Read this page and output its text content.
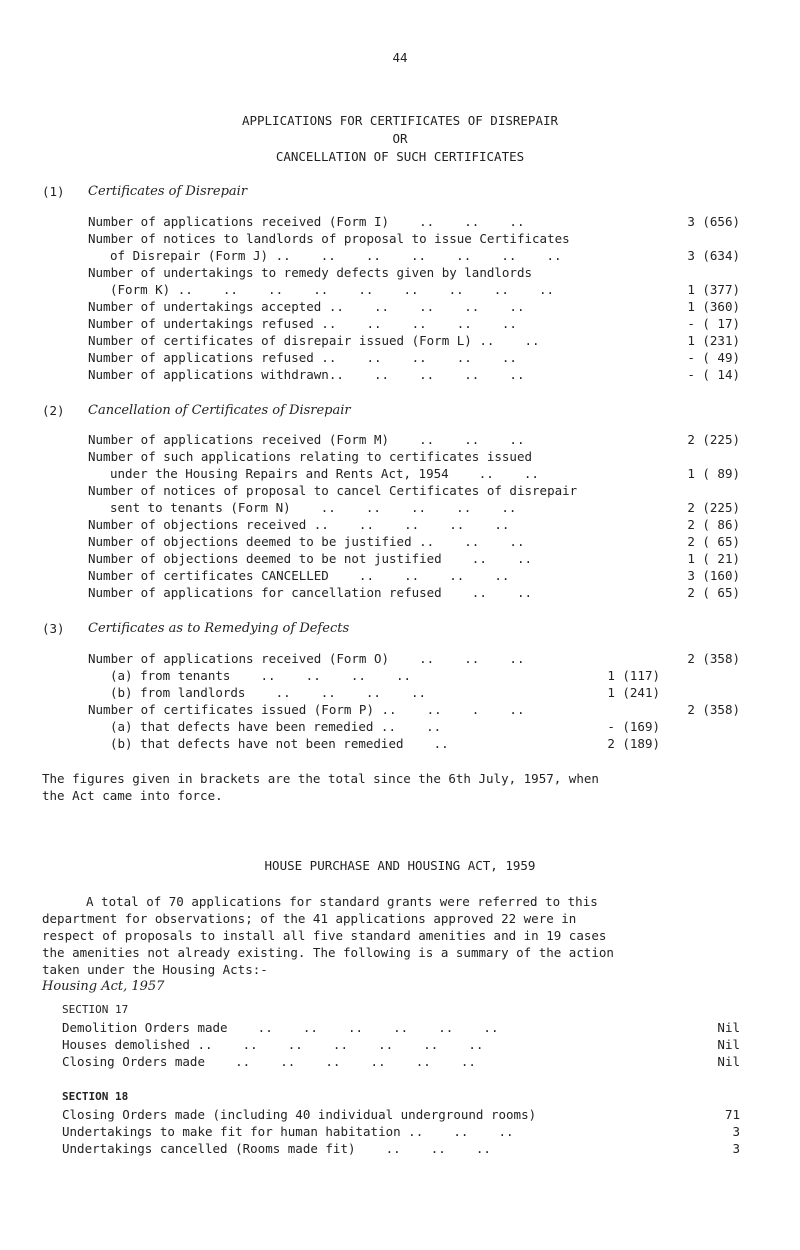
44
APPLICATIONS FOR CERTIFICATES OF DISREPAIR
OR
CANCELLATION OF SUCH CERTIFICATES
(1) Certificates of Disrepair
Number of applications received (Form I)    ..    ..    ..	3 (656)
Number of notices to landlords of proposal to issue Certificates
of Disrepair (Form J) ..    ..    ..    ..    ..    ..    ..	3 (634)
Number of undertakings to remedy defects given by landlords
(Form K) ..    ..    ..    ..    ..    ..    ..    ..    ..	1 (377)
Number of undertakings accepted ..    ..    ..    ..    ..	1 (360)
Number of undertakings refused ..    ..    ..    ..    ..	- ( 17)
Number of certificates of disrepair issued (Form L) ..    ..	1 (231)
Number of applications refused ..    ..    ..    ..    ..	- ( 49)
Number of applications withdrawn..    ..    ..    ..    ..	- ( 14)
(2) Cancellation of Certificates of Disrepair
Number of applications received (Form M)    ..    ..    ..	2 (225)
Number of such applications relating to certificates issued
under the Housing Repairs and Rents Act, 1954    ..    ..	1 ( 89)
Number of notices of proposal to cancel Certificates of disrepair
sent to tenants (Form N)    ..    ..    ..    ..    ..	2 (225)
Number of objections received ..    ..    ..    ..    ..	2 ( 86)
Number of objections deemed to be justified ..    ..    ..	2 ( 65)
Number of objections deemed to be not justified    ..    ..	1 ( 21)
Number of certificates CANCELLED    ..    ..    ..    ..	3 (160)
Number of applications for cancellation refused    ..    ..	2 ( 65)
(3) Certificates as to Remedying of Defects
Number of applications received (Form O)    ..    ..    ..	2 (358)
(a) from tenants    ..    ..    ..    ..	1 (117)
(b) from landlords    ..    ..    ..    ..	1 (241)
Number of certificates issued (Form P) ..    ..    .    ..	2 (358)
(a) that defects have been remedied ..    ..	- (169)
(b) that defects have not been remedied    ..	2 (189)
The figures given in brackets are the total since the 6th July, 1957, when
the Act came into force.
HOUSE PURCHASE AND HOUSING ACT, 1959
A total of 70 applications for standard grants were referred to this
department for observations; of the 41 applications approved 22 were in
respect of proposals to install all five standard amenities and in 19 cases
the amenities not already existing. The following is a summary of the action
taken under the Housing Acts:-
Housing Act, 1957
SECTION 17
Demolition Orders made    ..    ..    ..    ..    ..    ..	Nil
Houses demolished ..    ..    ..    ..    ..    ..    ..	Nil
Closing Orders made    ..    ..    ..    ..    ..    ..	Nil
SECTION 18
Closing Orders made (including 40 individual underground rooms)	71
Undertakings to make fit for human habitation ..    ..    ..	3
Undertakings cancelled (Rooms made fit)    ..    ..    ..	3
